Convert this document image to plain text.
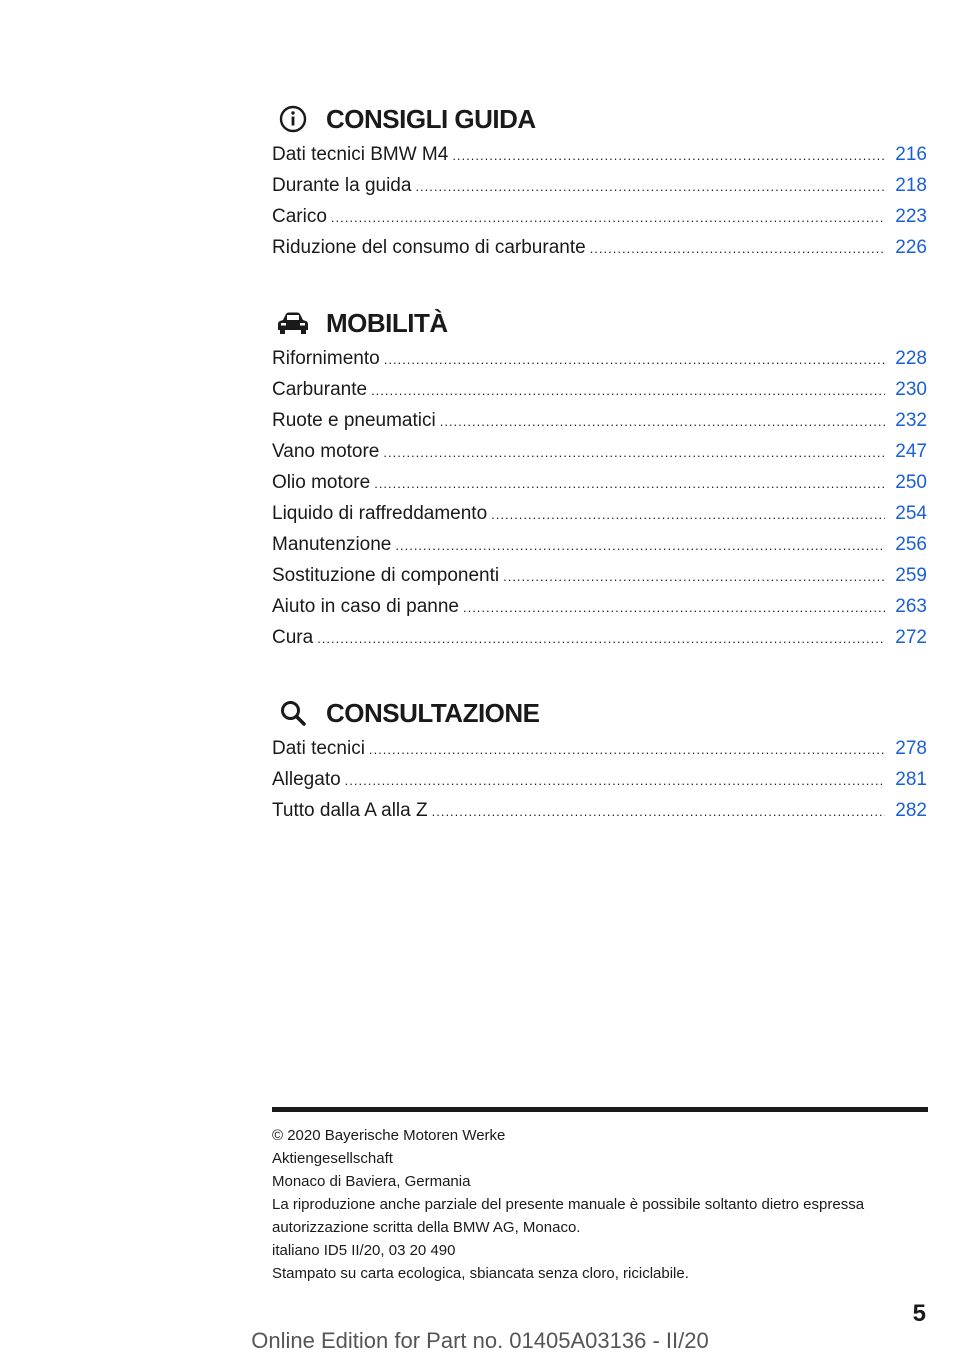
CONSIGLI GUIDA
Dati tecnici BMW M4 .....	216
Durante la guida .....	218
Carico .....	223
Riduzione del consumo di carburante .....	226
MOBILITÀ
Rifornimento .....	228
Carburante .....	230
Ruote e pneumatici .....	232
Vano motore .....	247
Olio motore .....	250
Liquido di raffreddamento .....	254
Manutenzione .....	256
Sostituzione di componenti .....	259
Aiuto in caso di panne .....	263
Cura .....	272
CONSULTAZIONE
Dati tecnici .....	278
Allegato .....	281
Tutto dalla A alla Z .....	282
© 2020 Bayerische Motoren Werke
Aktiengesellschaft
Monaco di Baviera, Germania
La riproduzione anche parziale del presente manuale è possibile soltanto dietro espressa
autorizzazione scritta della BMW AG, Monaco.
italiano ID5 II/20, 03 20 490
Stampato su carta ecologica, sbiancata senza cloro, riciclabile.
5
Online Edition for Part no. 01405A03136 - II/20
